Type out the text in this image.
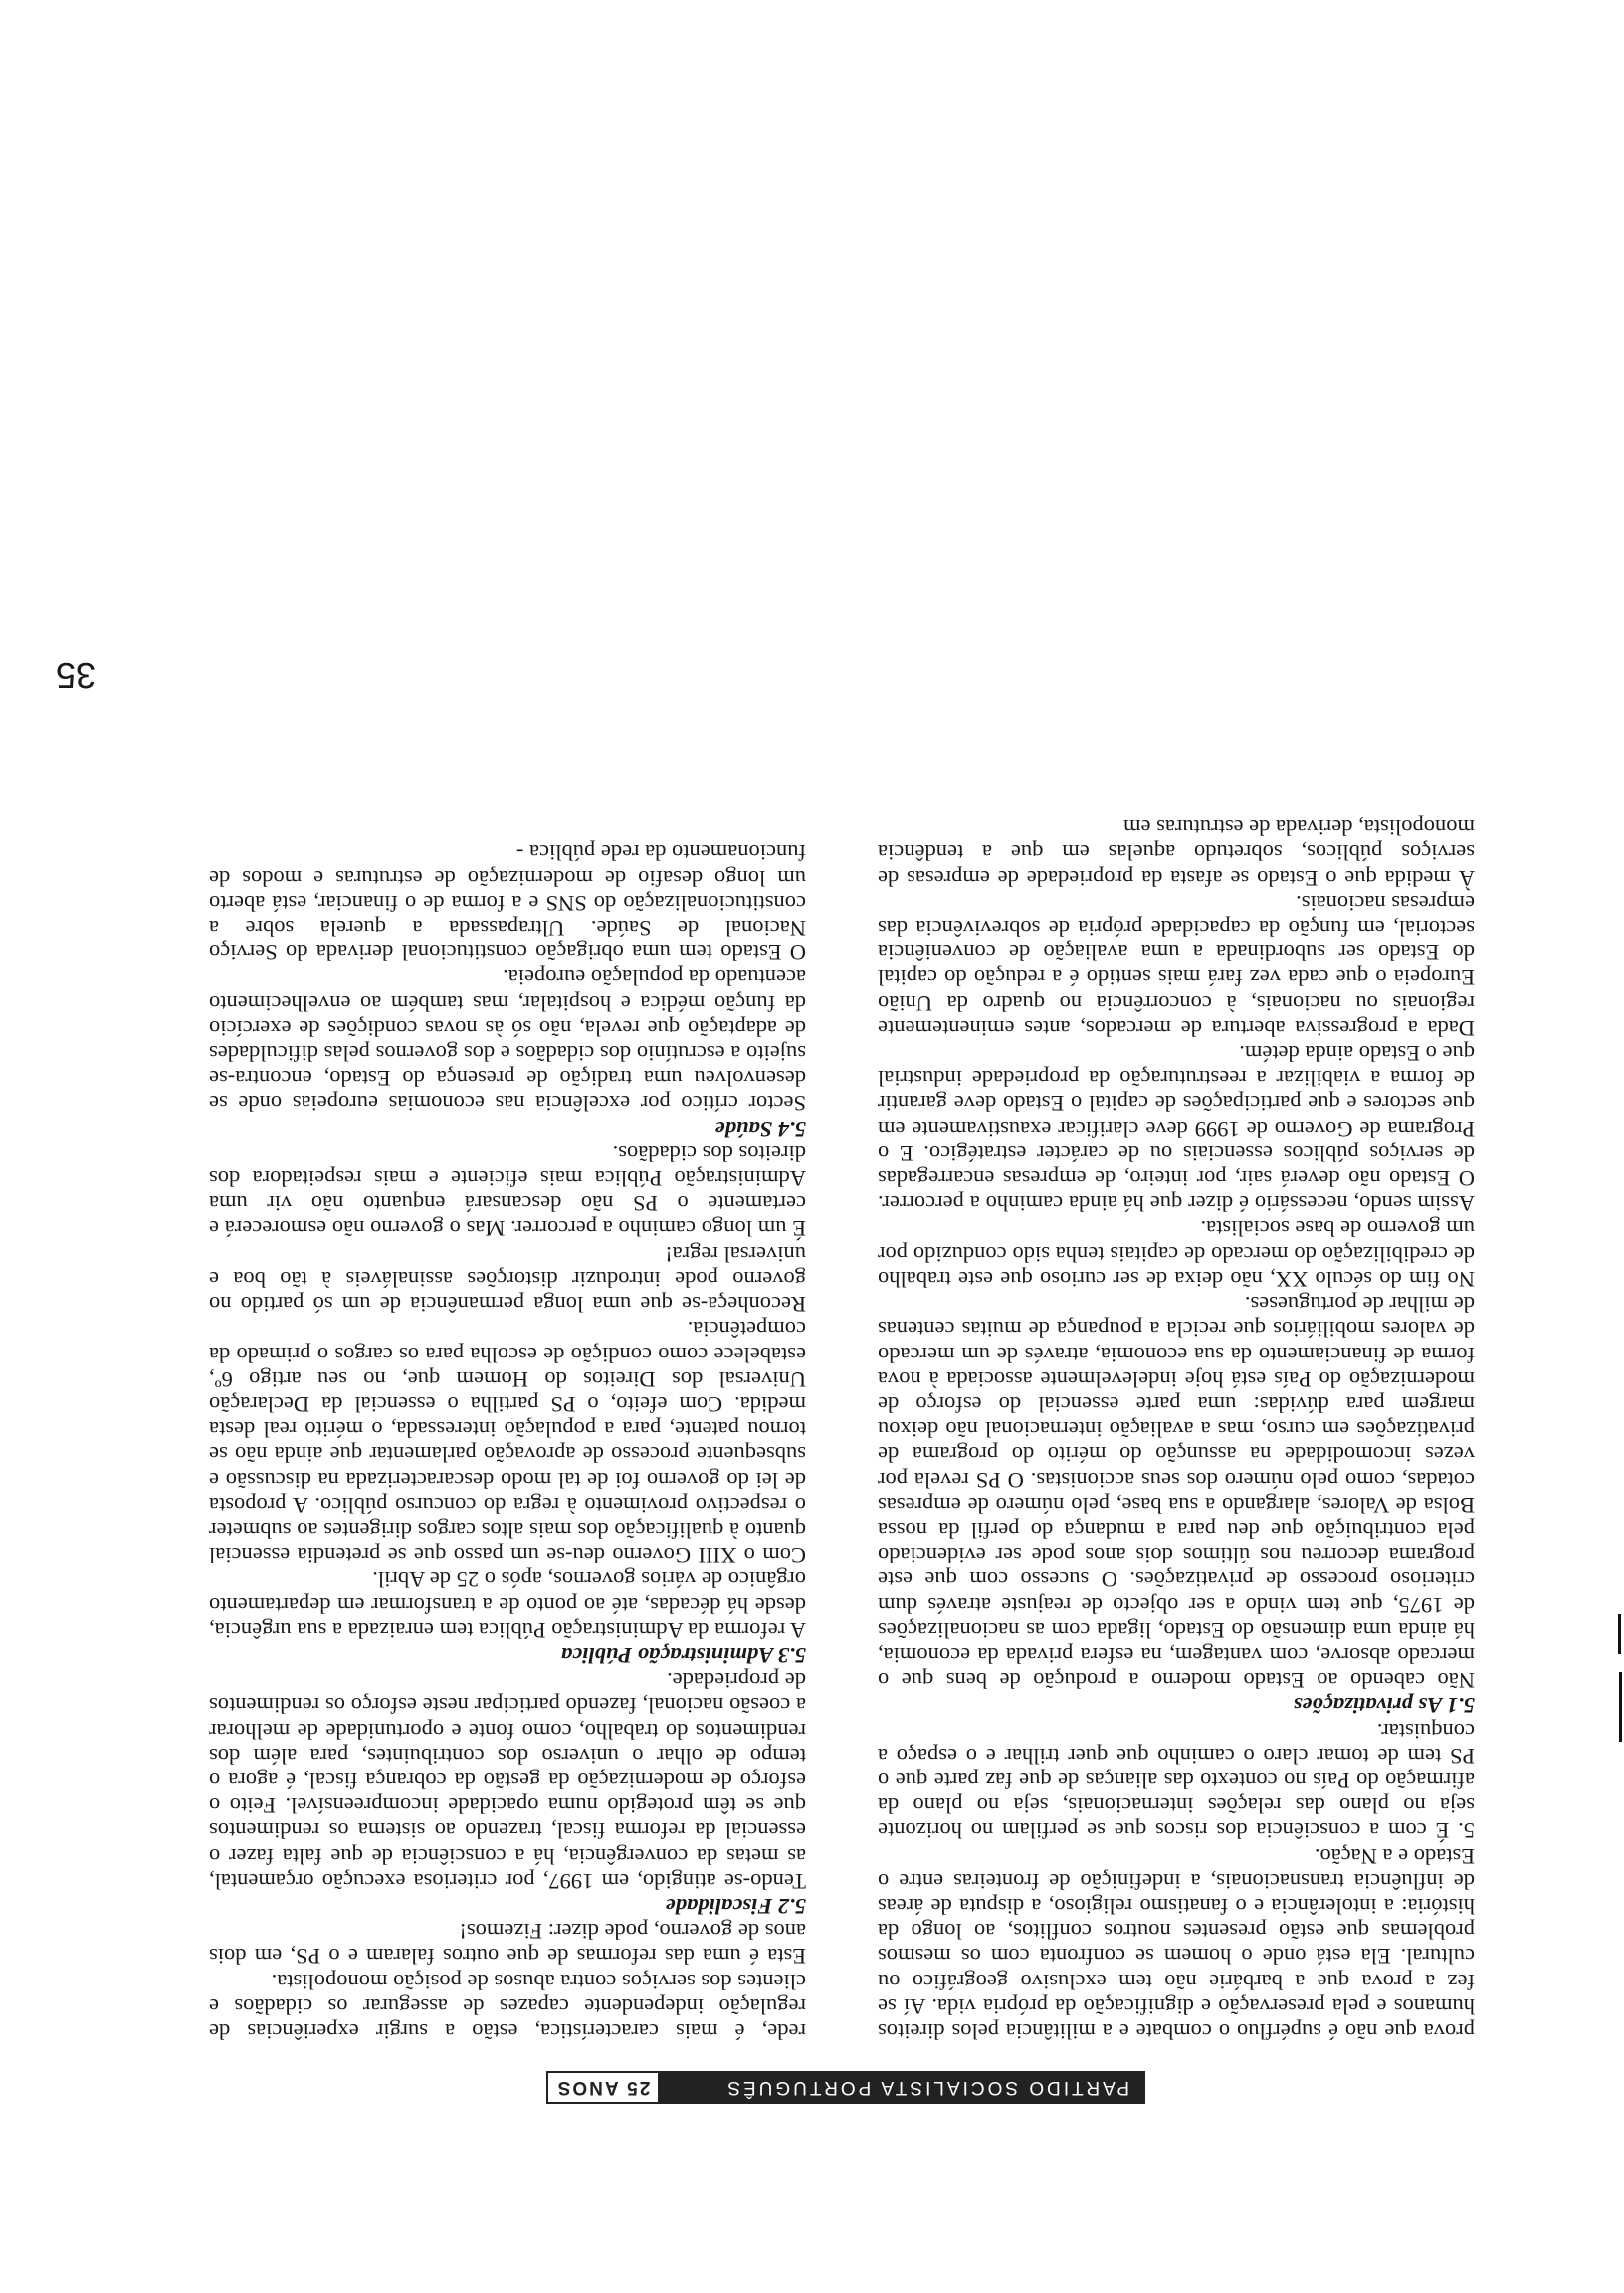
PARTIDO SOCIALISTA PORTUGUÊS
25 ANOS
35

prova que não é supérfluo o combate e a militância pelos direitos humanos e pela preservação e dignificação da própria vida. Aí se fez a prova que a barbárie não tem exclusivo geográfico ou cultural. Ela está onde o homem se confronta com os mesmos problemas que estão presentes noutros conflitos, ao longo da história: a intolerância e o fanatismo religioso, a disputa de áreas de influência transnacionais, a indefinição de fronteiras entre o Estado e a Nação.

5. É com a consciência dos riscos que se perfilam no horizonte seja no plano das relações internacionais, seja no plano da afirmação do País no contexto das alianças de que faz parte que o PS tem de tomar claro o caminho que quer trilhar e o espaço a conquistar.

5.1 As privatizações

Não cabendo ao Estado moderno a produção de bens que o mercado absorve, com vantagem, na esfera privada da economia, há ainda uma dimensão do Estado, ligada com as nacionalizações de 1975, que tem vindo a ser objecto de reajuste através dum criterioso processo de privatizações. O sucesso com que este programa decorreu nos últimos dois anos pode ser evidenciado pela contribuição que deu para a mudança do perfil da nossa Bolsa de Valores, alargando a sua base, pelo número de empresas cotadas, como pelo número dos seus accionistas. O PS revela por vezes incomodidade na assunção do mérito do programa de privatizações em curso, mas a avaliação internacional não deixou margem para dúvidas: uma parte essencial do esforço de modernização do País está hoje indelevelmente associada à nova forma de financiamento da sua economia, através de um mercado de valores mobiliários que recicla a poupança de muitas centenas de milhar de portugueses.

No fim do século XX, não deixa de ser curioso que este trabalho de credibilização do mercado de capitais tenha sido conduzido por um governo de base socialista.

Assim sendo, necessário é dizer que há ainda caminho a percorrer. O Estado não deverá sair, por inteiro, de empresas encarregadas de serviços públicos essenciais ou de carácter estratégico. E o Programa de Governo de 1999 deve clarificar exaustivamente em que sectores e que participações de capital o Estado deve garantir de forma a viabilizar a reestruturação da propriedade industrial que o Estado ainda detém.

Dada a progressiva abertura de mercados, antes eminentemente regionais ou nacionais, à concorrência no quadro da União Europeia o que cada vez fará mais sentido é a redução do capital do Estado ser subordinada a uma avaliação de conveniência sectorial, em função da capacidade própria de sobrevivência das empresas nacionais.

À medida que o Estado se afasta da propriedade de empresas de serviços públicos, sobretudo aquelas em que a tendência monopolista, derivada de estruturas em

rede, é mais característica, estão a surgir experiências de regulação independente capazes de assegurar os cidadãos e clientes dos serviços contra abusos de posição monopolista.

Esta é uma das reformas de que outros falaram e o PS, em dois anos de governo, pode dizer: Fizemos!

5.2 Fiscalidade

Tendo-se atingido, em 1997, por criteriosa execução orçamental, as metas da convergência, há a consciência de que falta fazer o essencial da reforma fiscal, trazendo ao sistema os rendimentos que se têm protegido numa opacidade incompreensível. Feito o esforço de modernização da gestão da cobrança fiscal, é agora o tempo de olhar o universo dos contribuintes, para além dos rendimentos do trabalho, como fonte e oportunidade de melhorar a coesão nacional, fazendo participar neste esforço os rendimentos de propriedade.

5.3 Administração Pública

A reforma da Administração Pública tem enraizada a sua urgência, desde há décadas, até ao ponto de a transformar em departamento orgânico de vários governos, após o 25 de Abril.

Com o XIII Governo deu-se um passo que se pretendia essencial quanto à qualificação dos mais altos cargos dirigentes ao submeter o respectivo provimento à regra do concurso público. A proposta de lei do governo foi de tal modo descaracterizada na discussão e subsequente processo de aprovação parlamentar que ainda não se tornou patente, para a população interessada, o mérito real desta medida. Com efeito, o PS partilha o essencial da Declaração Universal dos Direitos do Homem que, no seu artigo 6º, estabelece como condição de escolha para os cargos o primado da competência.

Reconheça-se que uma longa permanência de um só partido no governo pode introduzir distorções assinaláveis à tão boa e universal regra!

É um longo caminho a percorrer. Mas o governo não esmorecerá e certamente o PS não descansará enquanto não vir uma Administração Pública mais eficiente e mais respeitadora dos direitos dos cidadãos.

5.4 Saúde

Sector crítico por excelência nas economias europeias onde se desenvolveu uma tradição de presença do Estado, encontra-se sujeito a escrutínio dos cidadãos e dos governos pelas dificuldades de adaptação que revela, não só às novas condições de exercício da função médica e hospitalar, mas também ao envelhecimento acentuado da população europeia.

O Estado tem uma obrigação constitucional derivada do Serviço Nacional de Saúde. Ultrapassada a querela sobre a constitucionalização do SNS e a forma de o financiar, está aberto um longo desafio de modernização de estruturas e modos de funcionamento da rede pública -
